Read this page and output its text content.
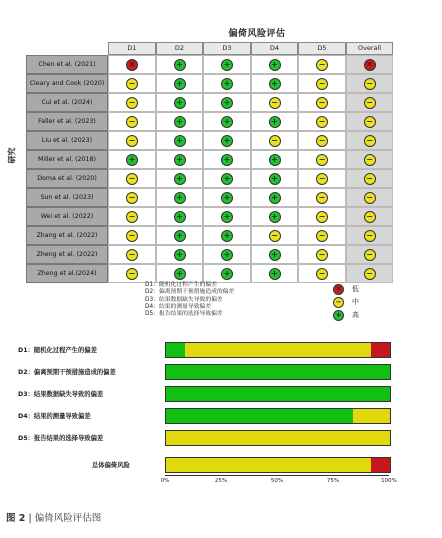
偏倚风险评估
研究
D1	D2	D3	D4	D5	Overall
Chen et al. (2021)	✕	+	+	+	−	✕
Cleary and Cook (2020)	−	+	+	+	−	−
Cui et al. (2024)	−	+	+	−	−	−
Faller et al. (2023)	−	+	+	+	−	−
Liu et al. (2023)	−	+	+	−	−	−
Miller et al. (2018)	+	+	+	+	−	−
Doma et al. (2020)	−	+	+	+	−	−
Sun et al. (2023)	−	+	+	+	−	−
Wei et al. (2022)	−	+	+	+	−	−
Zhang et al. (2022)	−	+	+	−	−	−
Zheng et al. (2022)	−	+	+	+	−	−
Zheng et al.(2024)	−	+	+	+	−	−
D1：随机化过程产生的偏差
D2：偏离预期干预措施造成的偏差
D3：结果数据缺失导致的偏差
D4：结果的测量导致偏差
D5：报告结果的选择导致偏差
✕	低
−	中
+	高
D1：随机化过程产生的偏差
D2：偏离预期干预措施造成的偏差
D3：结果数据缺失导致的偏差
D4：结果的测量导致偏差
D5：报告结果的选择导致偏差
总体偏倚风险
0%	25%	50%	75%	100%
图 2 | 偏倚风险评估图
